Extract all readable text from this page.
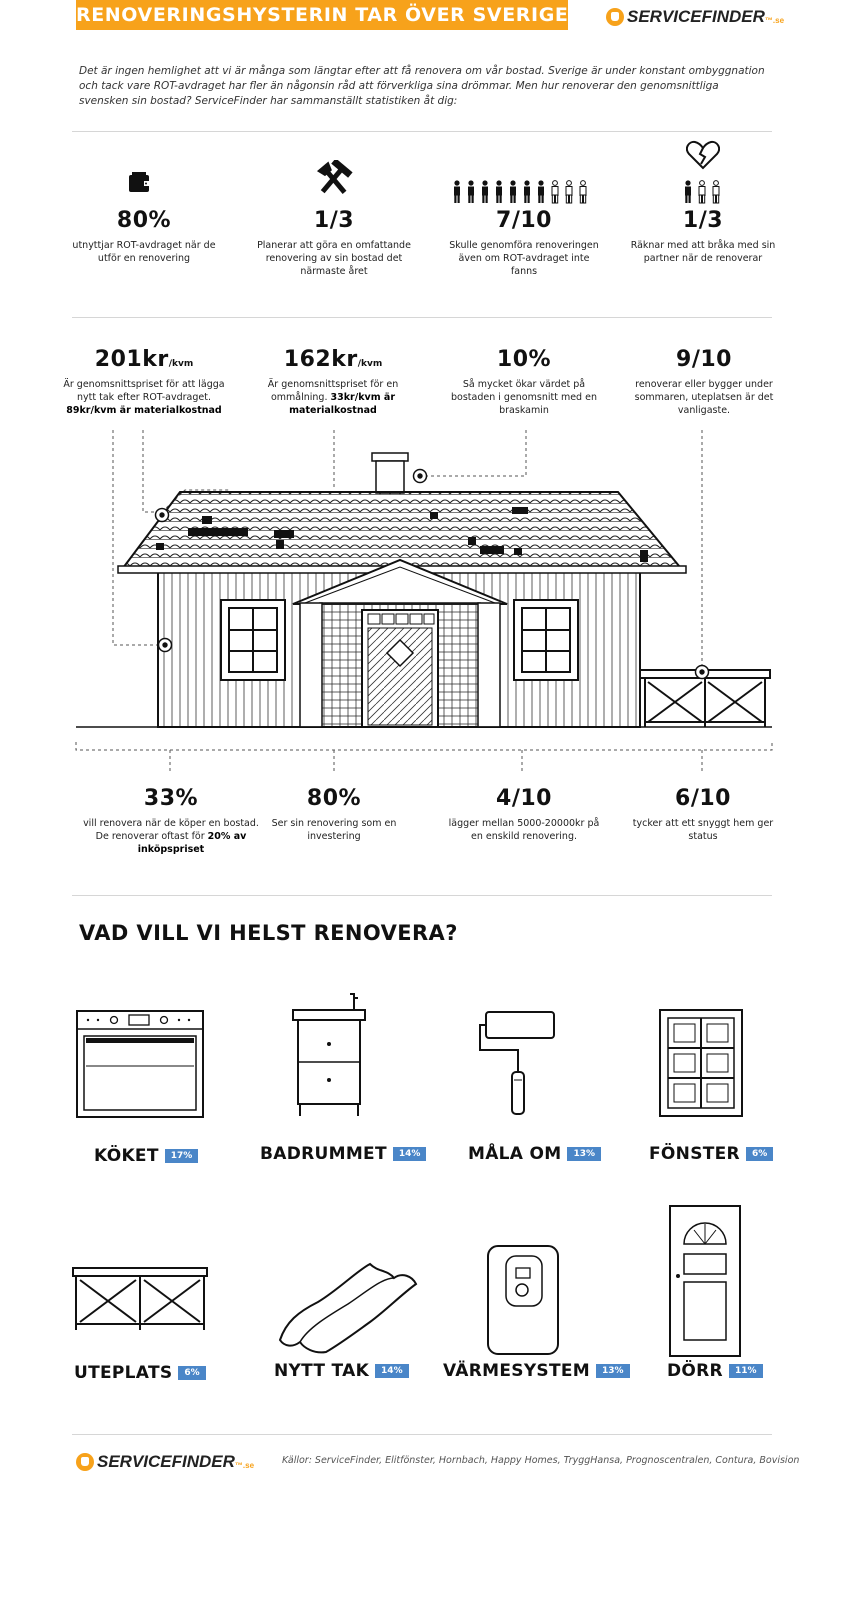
RENOVERINGSHYSTERIN TAR ÖVER SVERIGE	SERVICEFINDER ™ .se
Det är ingen hemlighet att vi är många som längtar efter att få renovera om vår bostad. Sverige är under konstant ombyggnation och tack vare ROT-avdraget har fler än någonsin råd att förverkliga sina drömmar. Men hur renoverar den genomsnittliga svensken sin bostad? ServiceFinder har sammanställt statistiken åt dig:
80%
utnyttjar ROT-avdraget när de utför en renovering
1/3
Planerar att göra en omfattande renovering av sin bostad det närmaste året
7/10
Skulle genomföra renoveringen även om ROT-avdraget inte fanns
1/3
Räknar med att bråka med sin partner när de renoverar
201kr/kvm
Är genomsnittspriset för att lägga nytt tak efter ROT-avdraget.
89kr/kvm är materialkostnad
162kr/kvm
Är genomsnittspriset för en ommålning. 33kr/kvm är materialkostnad
10%
Så mycket ökar värdet på bostaden i genomsnitt med en braskamin
9/10
renoverar eller bygger under sommaren, uteplatsen är det vanligaste.
33%
vill renovera när de köper en bostad. De renoverar oftast för 20% av inköpspriset
80%
Ser sin renovering som en investering
4/10
lägger mellan 5000-20000kr på en enskild renovering.
6/10
tycker att ett snyggt hem ger status
VAD VILL VI HELST RENOVERA?
KÖKET	17%	BADRUMMET	14%	MÅLA OM	13%	FÖNSTER	6%
UTEPLATS	6%	NYTT TAK	14%	VÄRMESYSTEM	13%	DÖRR	11%
SERVICEFINDER ™ .se	Källor: ServiceFinder, Elitfönster, Hornbach, Happy Homes, TryggHansa, Prognoscentralen, Contura, Bovision
